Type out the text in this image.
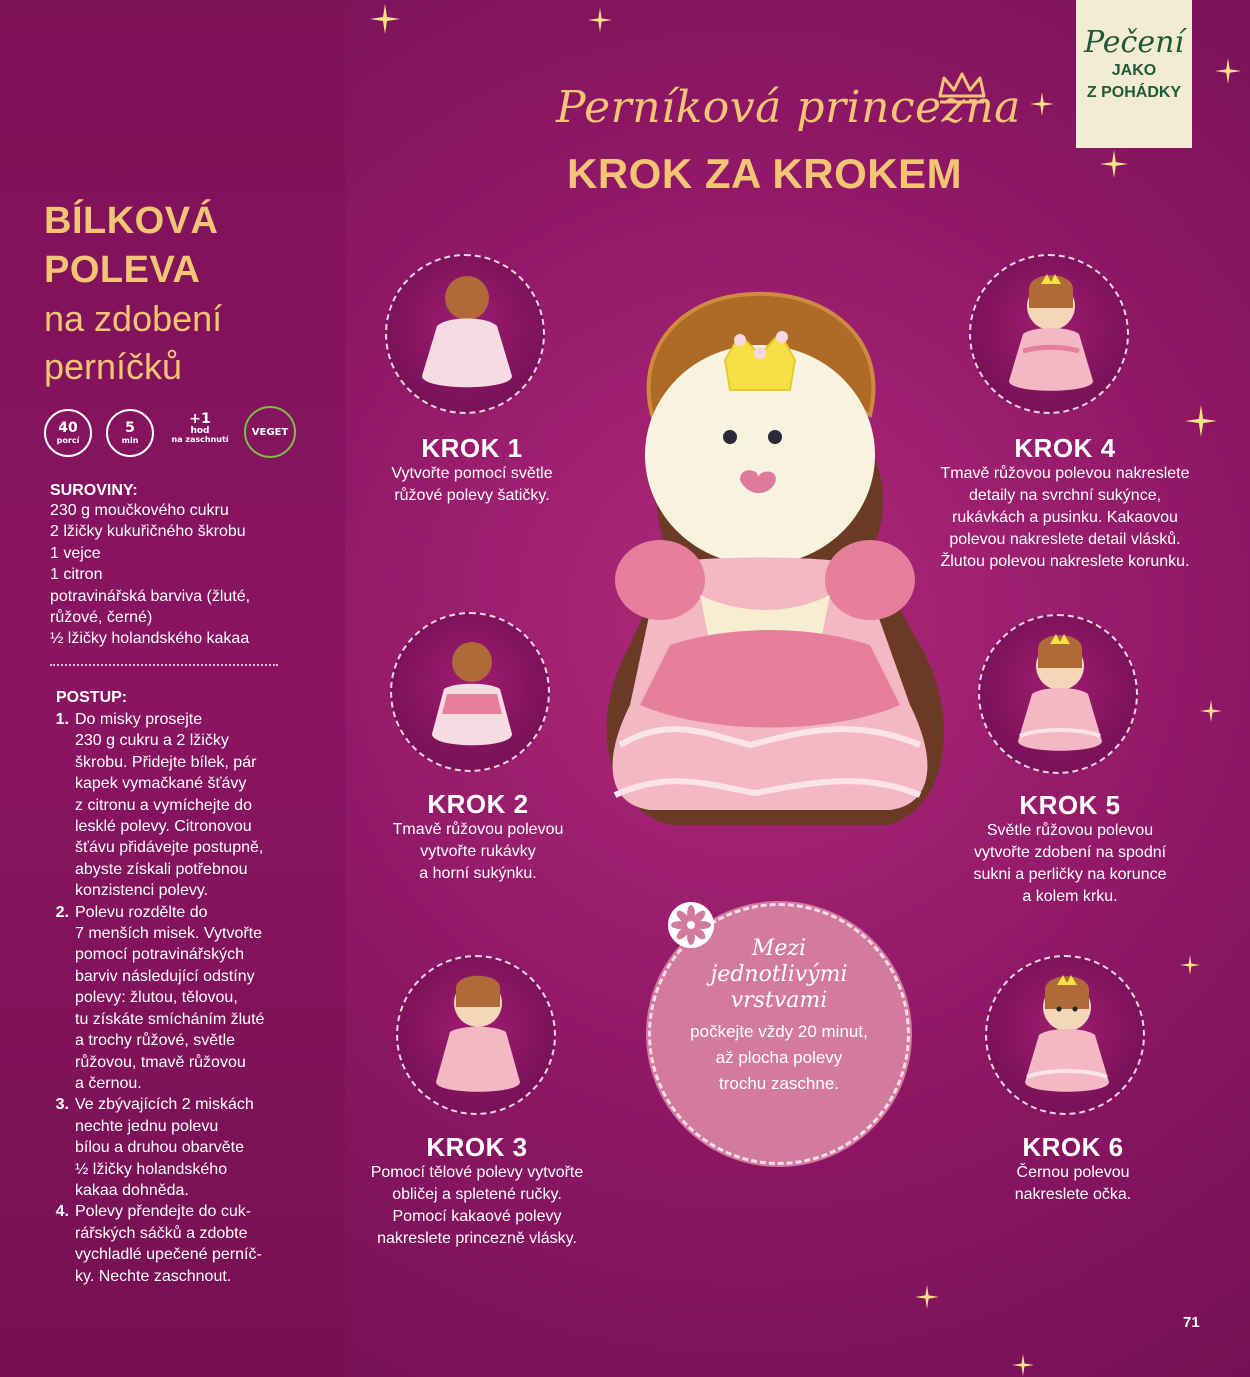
BÍLKOVÁ
POLEVA
na zdobení
perníčků
40
porcí
5
min
+1
hod
na zaschnutí
VEGET
SUROVINY:
230 g moučkového cukru
2 lžičky kukuřičného škrobu
1 vejce
1 citron
potravinářská barviva (žluté,
růžové, černé)
½ lžičky holandského kakaa
POSTUP:
1. Do misky prosejte
230 g cukru a 2 lžičky
škrobu. Přidejte bílek, pár
kapek vymačkané šťávy
z citronu a vymíchejte do
lesklé polevy. Citronovou
šťávu přidávejte postupně,
abyste získali potřebnou
konzistenci polevy.
2. Polevu rozdělte do
7 menších misek. Vytvořte
pomocí potravinářských
barviv následující odstíny
polevy: žlutou, tělovou,
tu získáte smícháním žluté
a trochy růžové, světle
růžovou, tmavě růžovou
a černou.
3. Ve zbývajících 2 miskách
nechte jednu polevu
bílou a druhou obarvěte
½ lžičky holandského
kakaa dohněda.
4. Polevy přendejte do cuk-
rářských sáčků a zdobte
vychladlé upečené perníč-
ky. Nechte zaschnout.
Perníková princezna
KROK ZA KROKEM
Pečení
JAKO
Z POHÁDKY
KROK 1
Vytvořte pomocí světle
růžové polevy šatičky.
KROK 2
Tmavě růžovou polevou
vytvořte rukávky
a horní sukýnku.
KROK 3
Pomocí tělové polevy vytvořte
obličej a spletené ručky.
Pomocí kakaové polevy
nakreslete princezně vlásky.
KROK 4
Tmavě růžovou polevou nakreslete
detaily na svrchní sukýnce,
rukávkách a pusinku. Kakaovou
polevou nakreslete detail vlásků.
Žlutou polevou nakreslete korunku.
KROK 5
Světle růžovou polevou
vytvořte zdobení na spodní
sukni a perličky na korunce
a kolem krku.
KROK 6
Černou polevou
nakreslete očka.
Mezi
jednotlivými
vrstvami
počkejte vždy 20 minut,
až plocha polevy
trochu zaschne.
71
